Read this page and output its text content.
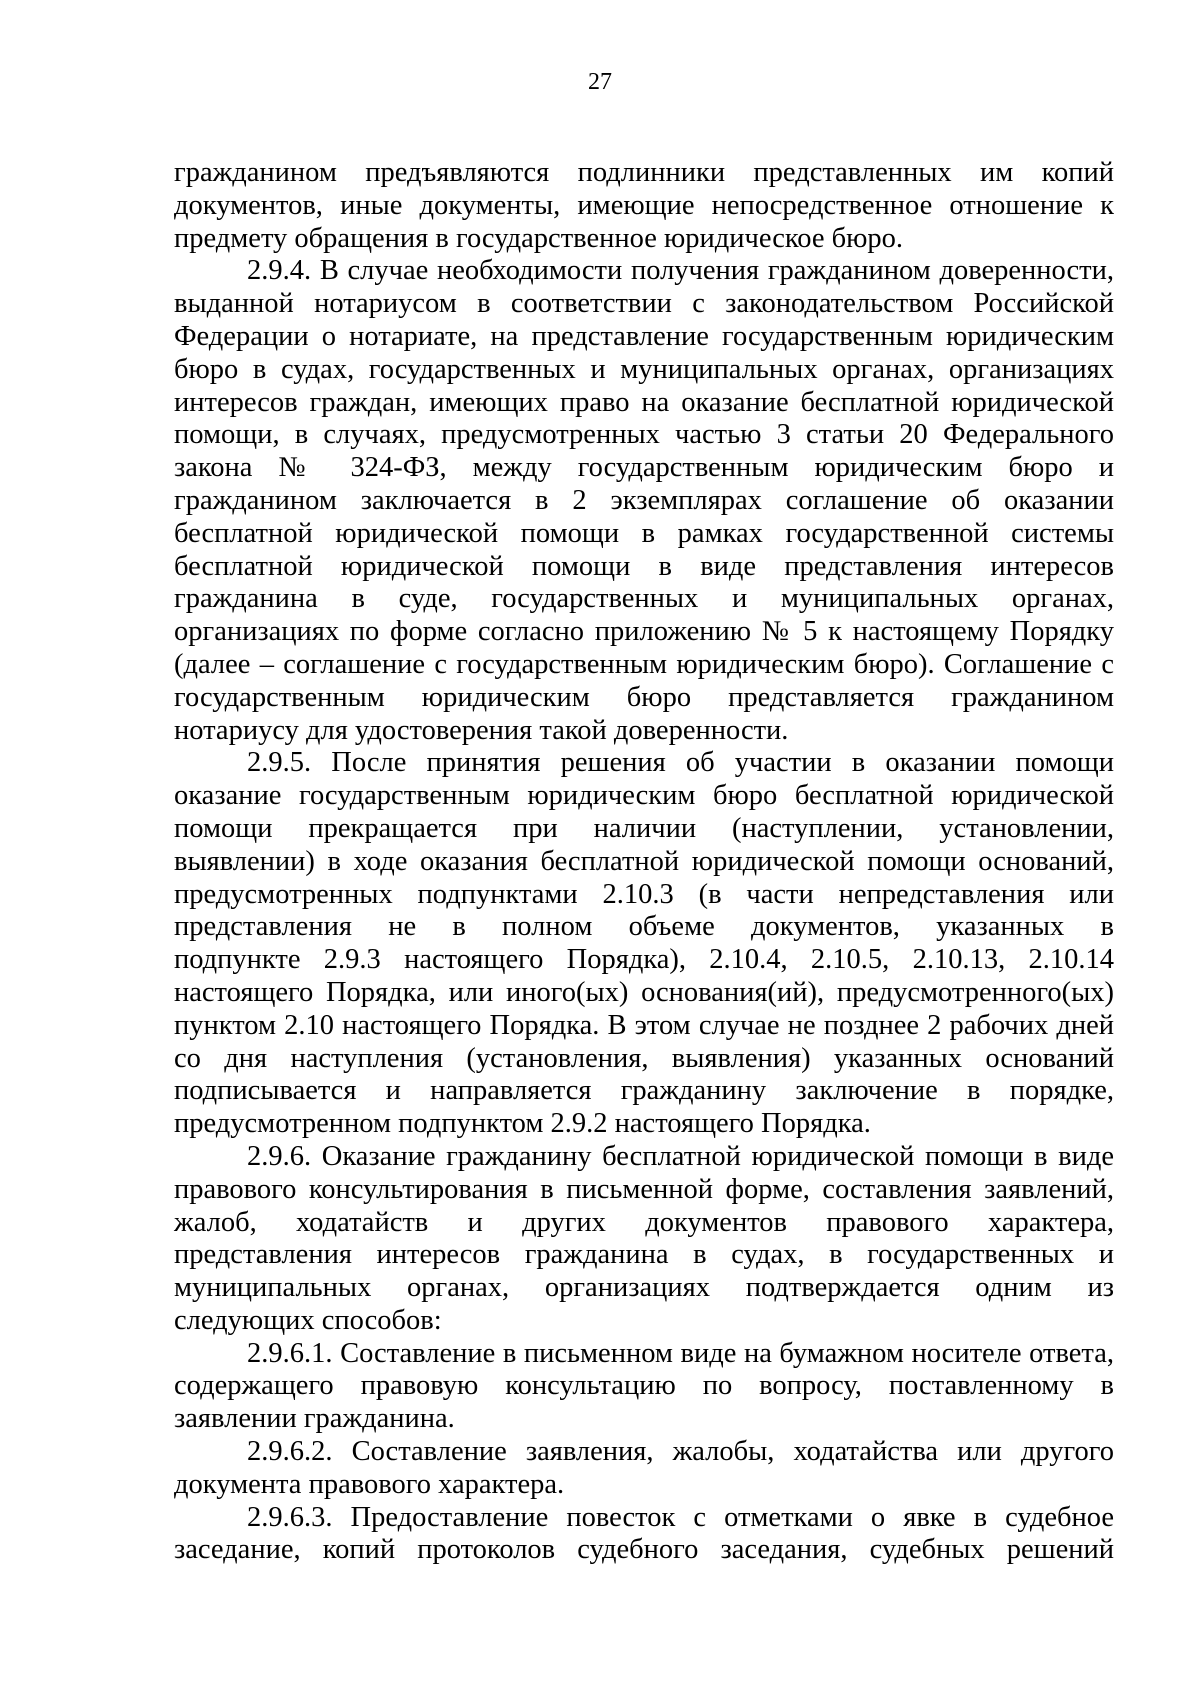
27
гражданином предъявляются подлинники представленных им копий
документов, иные документы, имеющие непосредственное отношение к
предмету обращения в государственное юридическое бюро.
2.9.4. В случае необходимости получения гражданином доверенности,
выданной нотариусом в соответствии с законодательством Российской
Федерации о нотариате, на представление государственным юридическим
бюро в судах, государственных и муниципальных органах, организациях
интересов граждан, имеющих право на оказание бесплатной юридической
помощи, в случаях, предусмотренных частью 3 статьи 20 Федерального
закона № 324-ФЗ, между государственным юридическим бюро и
гражданином заключается в 2 экземплярах соглашение об оказании
бесплатной юридической помощи в рамках государственной системы
бесплатной юридической помощи в виде представления интересов
гражданина в суде, государственных и муниципальных органах,
организациях по форме согласно приложению № 5 к настоящему Порядку
(далее – соглашение с государственным юридическим бюро). Соглашение с
государственным юридическим бюро представляется гражданином
нотариусу для удостоверения такой доверенности.
2.9.5. После принятия решения об участии в оказании помощи
оказание государственным юридическим бюро бесплатной юридической
помощи прекращается при наличии (наступлении, установлении,
выявлении) в ходе оказания бесплатной юридической помощи оснований,
предусмотренных подпунктами 2.10.3 (в части непредставления или
представления не в полном объеме документов, указанных в
подпункте 2.9.3 настоящего Порядка), 2.10.4, 2.10.5, 2.10.13, 2.10.14
настоящего Порядка, или иного(ых) основания(ий), предусмотренного(ых)
пунктом 2.10 настоящего Порядка. В этом случае не позднее 2 рабочих дней
со дня наступления (установления, выявления) указанных оснований
подписывается и направляется гражданину заключение в порядке,
предусмотренном подпунктом 2.9.2 настоящего Порядка.
2.9.6. Оказание гражданину бесплатной юридической помощи в виде
правового консультирования в письменной форме, составления заявлений,
жалоб, ходатайств и других документов правового характера,
представления интересов гражданина в судах, в государственных и
муниципальных органах, организациях подтверждается одним из
следующих способов:
2.9.6.1. Составление в письменном виде на бумажном носителе ответа,
содержащего правовую консультацию по вопросу, поставленному в
заявлении гражданина.
2.9.6.2. Составление заявления, жалобы, ходатайства или другого
документа правового характера.
2.9.6.3. Предоставление повесток с отметками о явке в судебное
заседание, копий протоколов судебного заседания, судебных решений
